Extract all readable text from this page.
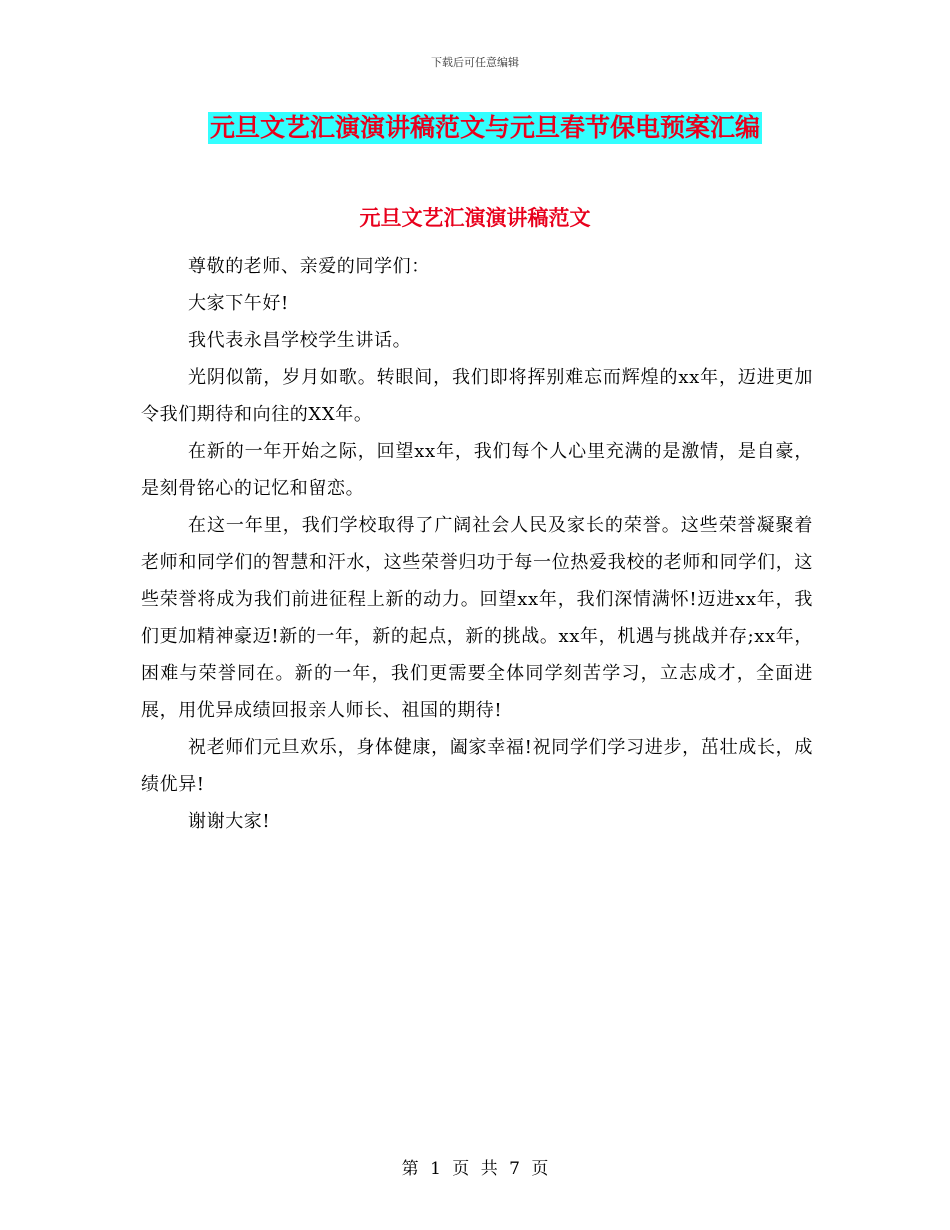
下载后可任意编辑
元旦文艺汇演演讲稿范文与元旦春节保电预案汇编
元旦文艺汇演演讲稿范文

尊敬的老师、亲爱的同学们：

大家下午好!

我代表永昌学校学生讲话。

光阴似箭，岁月如歌。转眼间，我们即将挥别难忘而辉煌的xx年，迈进更加令我们期待和向往的XX年。

在新的一年开始之际，回望xx年，我们每个人心里充满的是激情，是自豪，是刻骨铭心的记忆和留恋。

在这一年里，我们学校取得了广阔社会人民及家长的荣誉。这些荣誉凝聚着老师和同学们的智慧和汗水，这些荣誉归功于每一位热爱我校的老师和同学们，这些荣誉将成为我们前进征程上新的动力。回望xx年，我们深情满怀!迈进xx年，我们更加精神豪迈!新的一年，新的起点，新的挑战。xx年，机遇与挑战并存;xx年，困难与荣誉同在。新的一年，我们更需要全体同学刻苦学习，立志成才，全面进展，用优异成绩回报亲人师长、祖国的期待!

祝老师们元旦欢乐，身体健康，阖家幸福!祝同学们学习进步，茁壮成长，成绩优异!

谢谢大家!

第 1 页 共 7 页
